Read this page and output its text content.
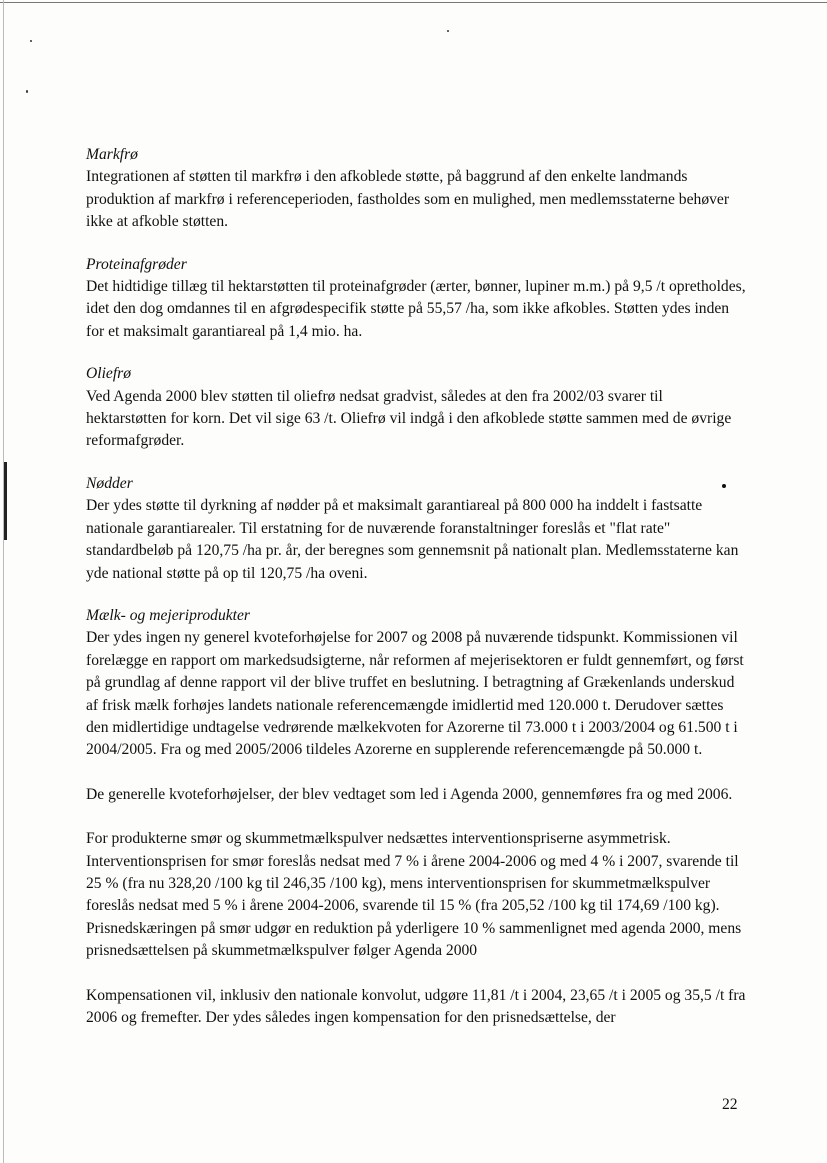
Markfrø

Integrationen af støtten til markfrø i den afkoblede støtte, på baggrund af den enkelte landmands produktion af markfrø i referenceperioden, fastholdes som en mulighed, men medlemsstaterne behøver ikke at afkoble støtten.

Proteinafgrøder

Det hidtidige tillæg til hektarstøtten til proteinafgrøder (ærter, bønner, lupiner m.m.) på 9,5 /t opretholdes, idet den dog omdannes til en afgrødespecifik støtte på 55,57 /ha, som ikke afkobles. Støtten ydes inden for et maksimalt garantiareal på 1,4 mio. ha.

Oliefrø

Ved Agenda 2000 blev støtten til oliefrø nedsat gradvist, således at den fra 2002/03 svarer til hektarstøtten for korn. Det vil sige 63 /t. Oliefrø vil indgå i den afkoblede støtte sammen med de øvrige reformafgrøder.

Nødder

Der ydes støtte til dyrkning af nødder på et maksimalt garantiareal på 800 000 ha inddelt i fastsatte nationale garantiarealer. Til erstatning for de nuværende foranstaltninger foreslås et "flat rate" standardbeløb på 120,75 /ha pr. år, der beregnes som gennemsnit på nationalt plan. Medlemsstaterne kan yde national støtte på op til 120,75 /ha oveni.

Mælk- og mejeriprodukter

Der ydes ingen ny generel kvoteforhøjelse for 2007 og 2008 på nuværende tidspunkt. Kommissionen vil forelægge en rapport om markedsudsigterne, når reformen af mejerisektoren er fuldt gennemført, og først på grundlag af denne rapport vil der blive truffet en beslutning. I betragtning af Grækenlands underskud af frisk mælk forhøjes landets nationale referencemængde imidlertid med 120.000 t. Derudover sættes den midlertidige undtagelse vedrørende mælkekvoten for Azorerne til 73.000 t i 2003/2004 og 61.500 t i 2004/2005. Fra og med 2005/2006 tildeles Azorerne en supplerende referencemængde på 50.000 t.

De generelle kvoteforhøjelser, der blev vedtaget som led i Agenda 2000, gennemføres fra og med 2006.

For produkterne smør og skummetmælkspulver nedsættes interventionspriserne asymmetrisk. Interventionsprisen for smør foreslås nedsat med 7 % i årene 2004-2006 og med 4 % i 2007, svarende til 25 % (fra nu 328,20 /100 kg til 246,35 /100 kg), mens interventionsprisen for skummetmælkspulver foreslås nedsat med 5 % i årene 2004-2006, svarende til 15 % (fra 205,52 /100 kg til 174,69 /100 kg). Prisnedskæringen på smør udgør en reduktion på yderligere 10 % sammenlignet med agenda 2000, mens prisnedsættelsen på skummetmælkspulver følger Agenda 2000

Kompensationen vil, inklusiv den nationale konvolut, udgøre 11,81 /t i 2004, 23,65 /t i 2005 og 35,5 /t fra 2006 og fremefter. Der ydes således ingen kompensation for den prisnedsættelse, der

22
